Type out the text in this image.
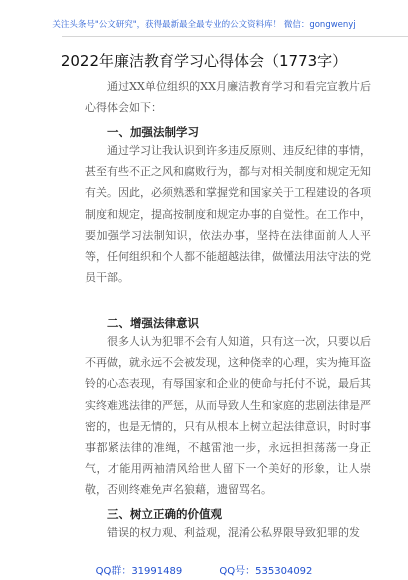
关注头条号"公文研究"，获得最新最全最专业的公文资料库！ 微信：gongwenyj
2022年廉洁教育学习心得体会（1773字）

通过XX单位组织的XX月廉洁教育学习和看完宣教片后心得体会如下：

一、加强法制学习

通过学习让我认识到许多违反原则、违反纪律的事情，甚至有些不正之风和腐败行为，都与对相关制度和规定无知有关。因此，必须熟悉和掌握党和国家关于工程建设的各项制度和规定，提高按制度和规定办事的自觉性。在工作中，要加强学习法制知识，依法办事，坚持在法律面前人人平等，任何组织和个人都不能超越法律，做懂法用法守法的党员干部。

二、增强法律意识

很多人认为犯罪不会有人知道，只有这一次，只要以后不再做，就永远不会被发现，这种侥幸的心理，实为掩耳盗铃的心态表现，有辱国家和企业的使命与托付不说，最后其实终难逃法律的严惩，从而导致人生和家庭的悲剧法律是严密的，也是无情的，只有从根本上树立起法律意识，时时事事都紧法律的准绳，不越雷池一步，永远担担荡荡一身正气，才能用两袖清风给世人留下一个美好的形象，让人崇敬，否则终难免声名狼藉，遗留骂名。

三、树立正确的价值观

错误的权力观、利益观，混淆公私界限导致犯罪的发

QQ群：31991489	QQ号：535304092
